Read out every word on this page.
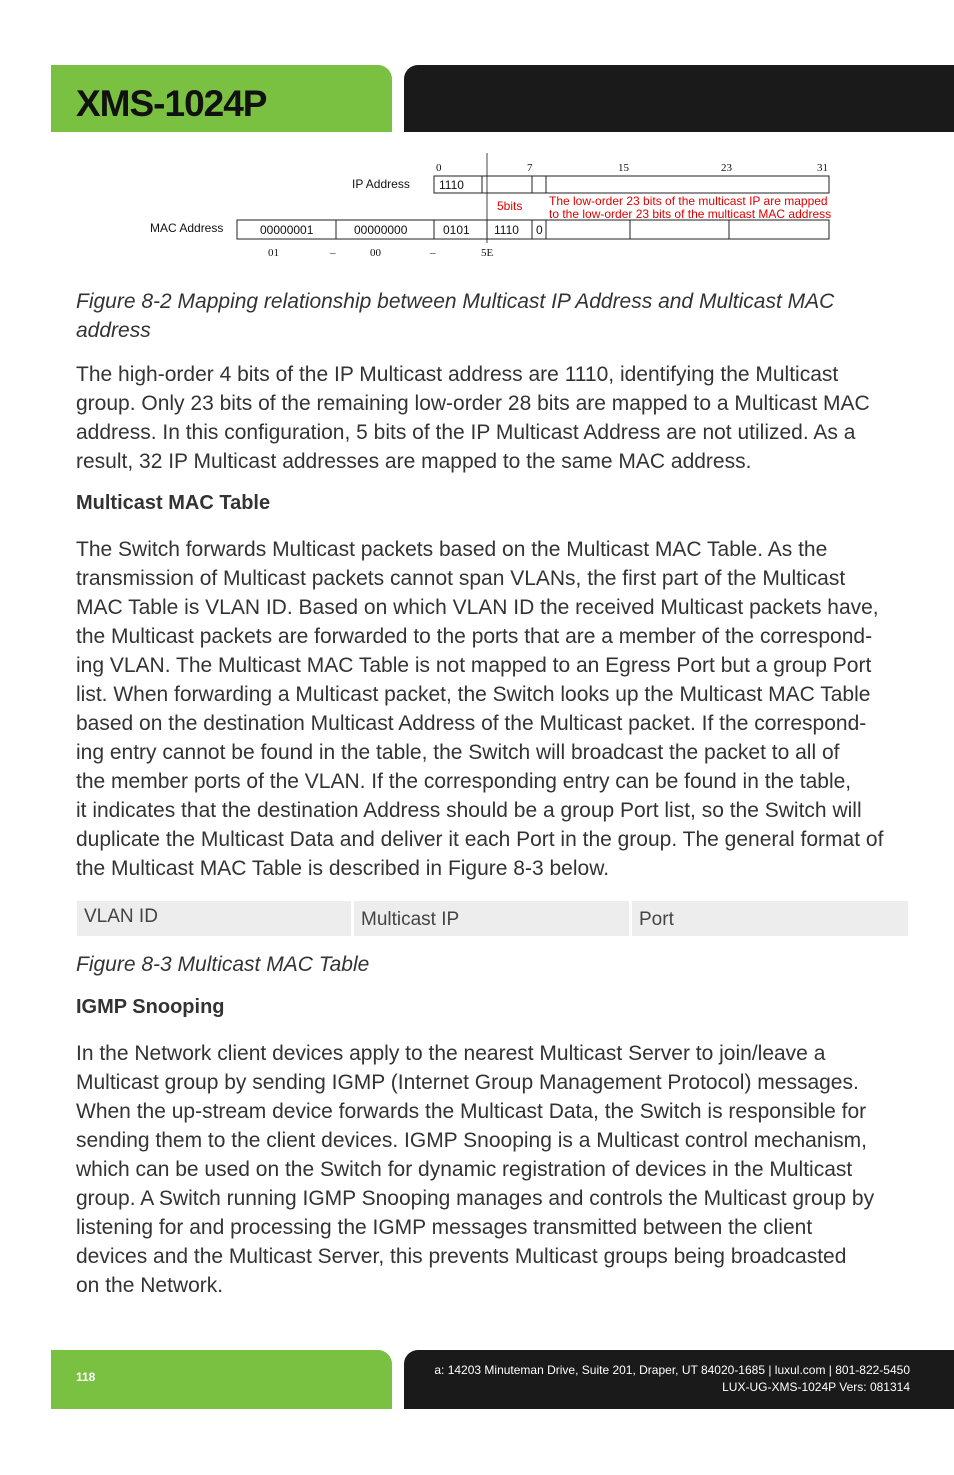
XMS-1024P
0	7	15	23	31
IP Address 1110
5bits The low-order 23 bits of the multicast IP are mapped
to the low-order 23 bits of the multicast MAC address
MAC Address	00000001	00000000	0101 1110 0
01	–	00	–	5E

Figure 8-2 Mapping relationship between Multicast IP Address and Multicast MAC
address

The high-order 4 bits of the IP Multicast address are 1110, identifying the Multicast
group. Only 23 bits of the remaining low-order 28 bits are mapped to a Multicast MAC
address. In this configuration, 5 bits of the IP Multicast Address are not utilized. As a
result, 32 IP Multicast addresses are mapped to the same MAC address.

Multicast MAC Table

The Switch forwards Multicast packets based on the Multicast MAC Table. As the
transmission of Multicast packets cannot span VLANs, the first part of the Multicast
MAC Table is VLAN ID. Based on which VLAN ID the received Multicast packets have,
the Multicast packets are forwarded to the ports that are a member of the correspond-
ing VLAN. The Multicast MAC Table is not mapped to an Egress Port but a group Port
list. When forwarding a Multicast packet, the Switch looks up the Multicast MAC Table
based on the destination Multicast Address of the Multicast packet. If the correspond-
ing entry cannot be found in the table, the Switch will broadcast the packet to all of
the member ports of the VLAN. If the corresponding entry can be found in the table,
it indicates that the destination Address should be a group Port list, so the Switch will
duplicate the Multicast Data and deliver it each Port in the group. The general format of
the Multicast MAC Table is described in Figure 8-3 below.

VLAN ID	Multicast IP	Port

Figure 8-3 Multicast MAC Table

IGMP Snooping

In the Network client devices apply to the nearest Multicast Server to join/leave a
Multicast group by sending IGMP (Internet Group Management Protocol) messages.
When the up-stream device forwards the Multicast Data, the Switch is responsible for
sending them to the client devices. IGMP Snooping is a Multicast control mechanism,
which can be used on the Switch for dynamic registration of devices in the Multicast
group. A Switch running IGMP Snooping manages and controls the Multicast group by
listening for and processing the IGMP messages transmitted between the client
devices and the Multicast Server, this prevents Multicast groups being broadcasted
on the Network.

118	a: 14203 Minuteman Drive, Suite 201, Draper, UT 84020-1685 | luxul.com | 801-822-5450
LUX-UG-XMS-1024P Vers: 081314
